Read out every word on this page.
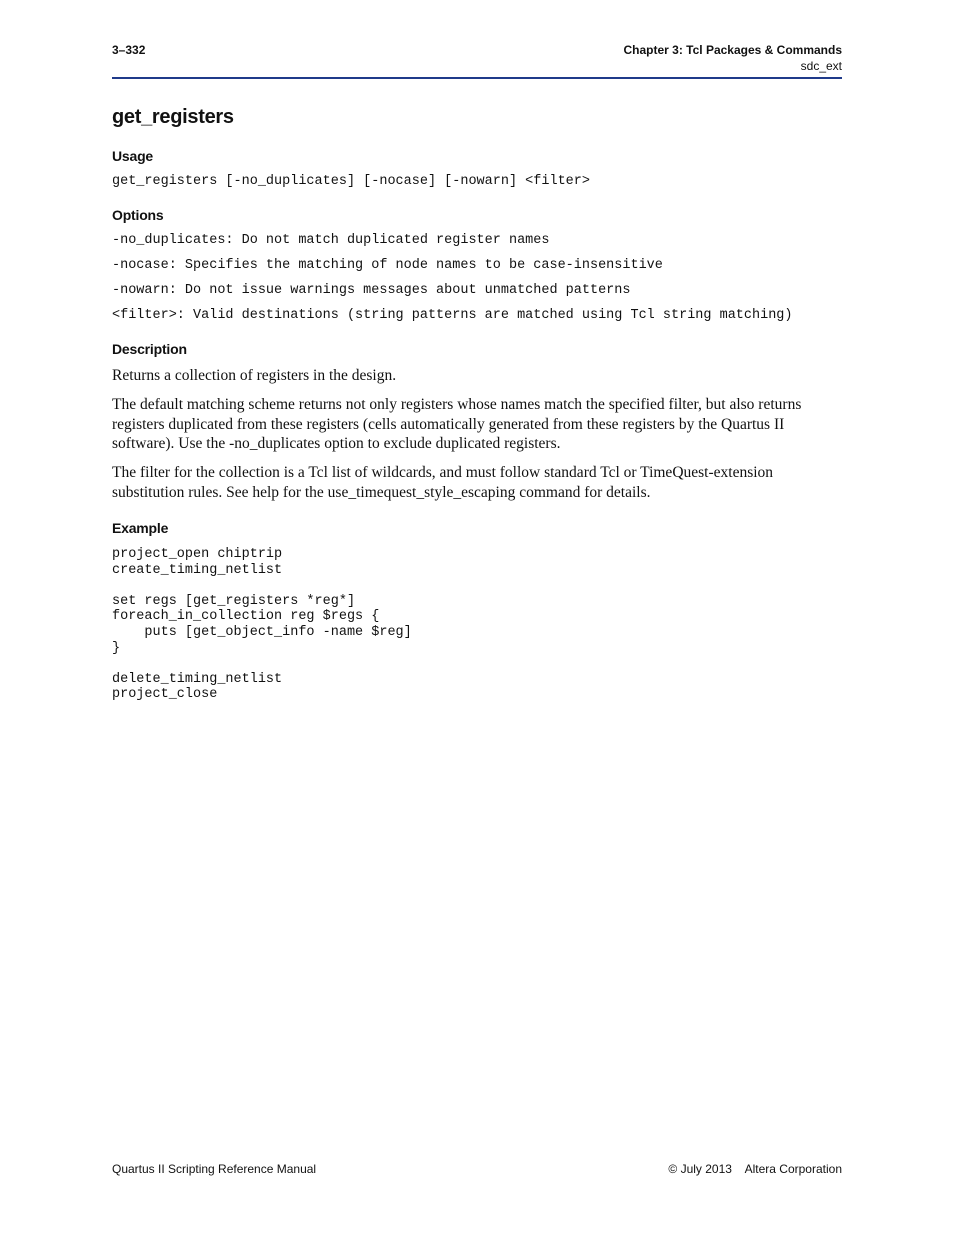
3–332	Chapter 3: Tcl Packages & Commands
sdc_ext
get_registers
Usage
get_registers [-no_duplicates] [-nocase] [-nowarn] <filter>
Options
-no_duplicates: Do not match duplicated register names
-nocase: Specifies the matching of node names to be case-insensitive
-nowarn: Do not issue warnings messages about unmatched patterns
<filter>: Valid destinations (string patterns are matched using Tcl string matching)
Description
Returns a collection of registers in the design.
The default matching scheme returns not only registers whose names match the specified filter, but also returns registers duplicated from these registers (cells automatically generated from these registers by the Quartus II software). Use the -no_duplicates option to exclude duplicated registers.
The filter for the collection is a Tcl list of wildcards, and must follow standard Tcl or TimeQuest-extension substitution rules. See help for the use_timequest_style_escaping command for details.
Example
project_open chiptrip
create_timing_netlist

set regs [get_registers *reg*]
foreach_in_collection reg $regs {
puts [get_object_info -name $reg]
}

delete_timing_netlist
project_close
Quartus II Scripting Reference Manual	© July 2013    Altera Corporation
